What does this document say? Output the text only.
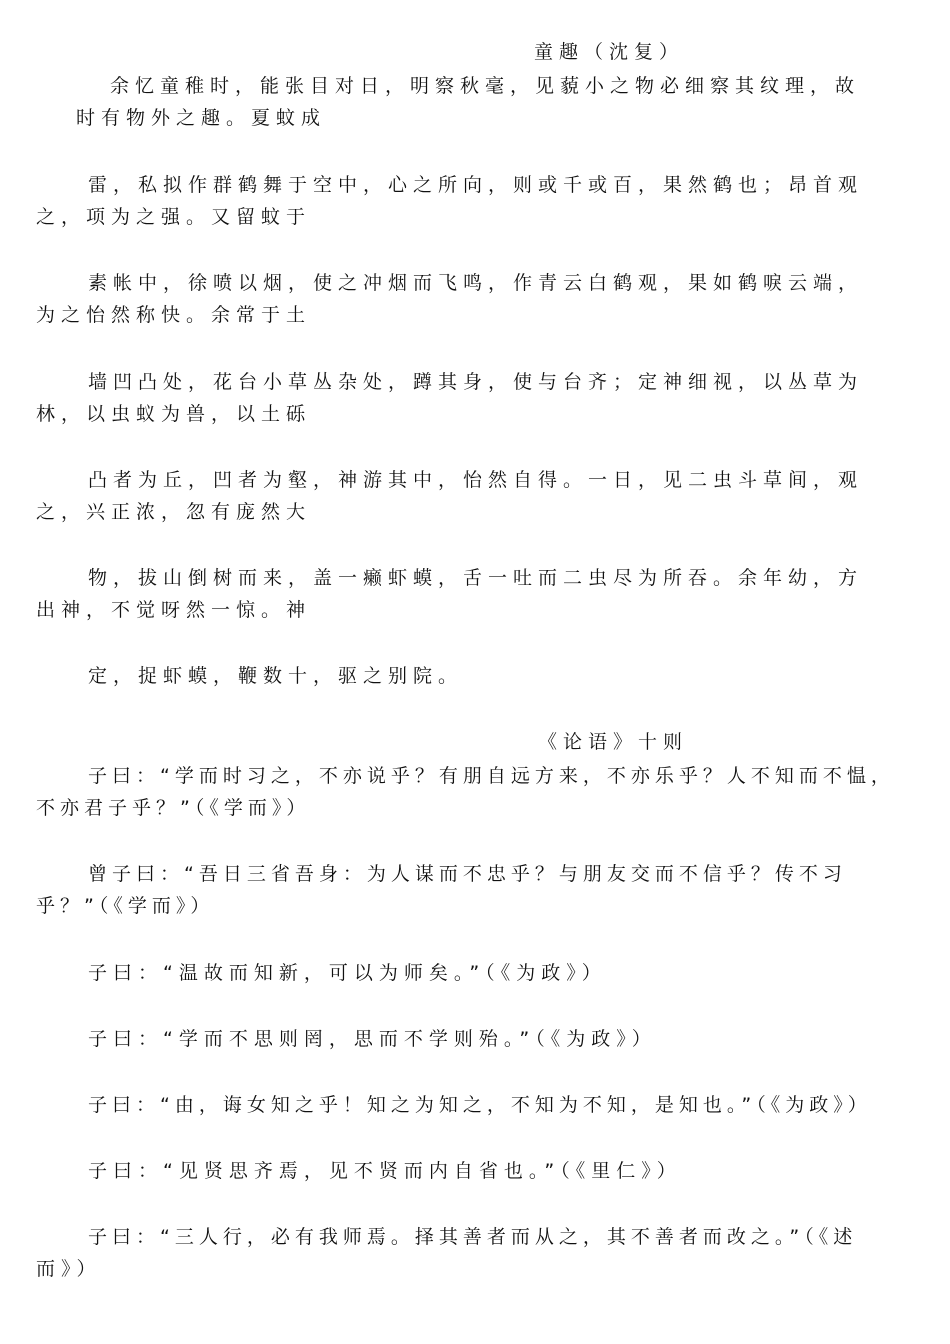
童趣（沈复）
余忆童稚时，能张目对日，明察秋毫，见藐小之物必细察其纹理，故
时有物外之趣。夏蚊成
雷，私拟作群鹤舞于空中，心之所向，则或千或百，果然鹤也；昂首观
之，项为之强。又留蚊于
素帐中，徐喷以烟，使之冲烟而飞鸣，作青云白鹤观，果如鹤唳云端，
为之怡然称快。余常于土
墙凹凸处，花台小草丛杂处，蹲其身，使与台齐；定神细视，以丛草为
林，以虫蚁为兽，以土砾
凸者为丘，凹者为壑，神游其中，怡然自得。一日，见二虫斗草间，观
之，兴正浓，忽有庞然大
物，拔山倒树而来，盖一癞虾蟆，舌一吐而二虫尽为所吞。余年幼，方
出神，不觉呀然一惊。神
定，捉虾蟆，鞭数十，驱之别院。
《论语》十则
子曰：“学而时习之，不亦说乎？有朋自远方来，不亦乐乎？人不知而不愠，
不亦君子乎？”（《学而》）
曾子曰：“吾日三省吾身：为人谋而不忠乎？与朋友交而不信乎？传不习
乎？”（《学而》）
子曰：“温故而知新，可以为师矣。”（《为政》）
子曰：“学而不思则罔，思而不学则殆。”（《为政》）
子曰：“由，诲女知之乎！知之为知之，不知为不知，是知也。”（《为政》）
子曰：“见贤思齐焉，见不贤而内自省也。”（《里仁》）
子曰：“三人行，必有我师焉。择其善者而从之，其不善者而改之。”（《述
而》）
